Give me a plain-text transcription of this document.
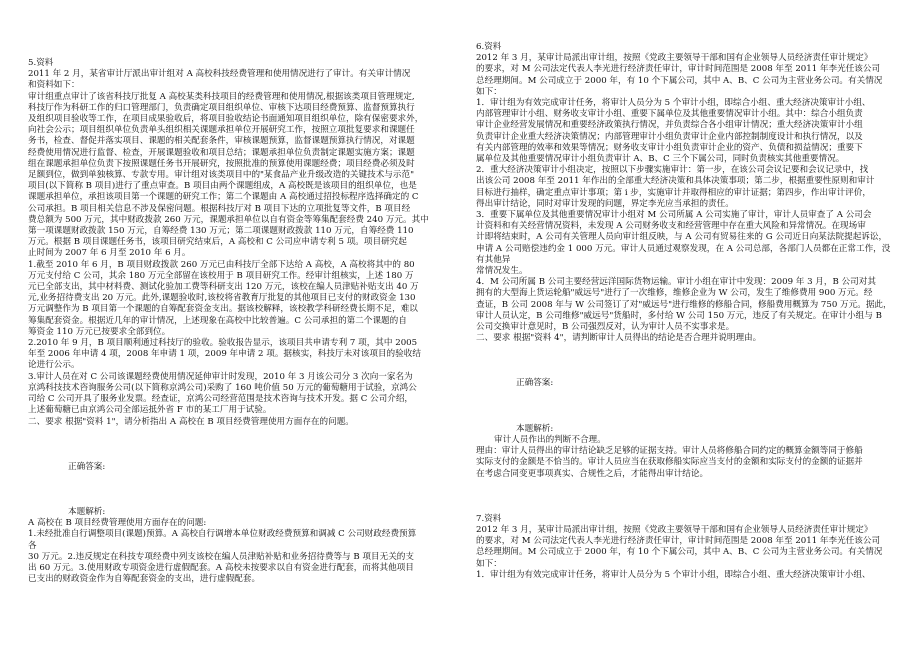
5.资料
2011 年 2 月，某省审计厅派出审计组对 A 高校科技经费管理和使用情况进行了审计。有关审计情况
和资料如下：
审计组重点审计了该省科技厅批复 A 高校某类科技项目的经费管理和使用情况,根据该类项目管理规定,
科技厅作为科研工作的归口管理部门，负责确定项目组织单位、审核下达项目经费预算、监督预算执行
及组织项目验收等工作，在项目成果验收后，将项目验收结论书面通知项目组织单位，除有保密要求外，
向社会公示；项目组织单位负责单头组织相关课题承担单位开展研究工作，按照立项批复要求和课题任
务书，检查、督促并落实项目、课题的相关配套条件，审核课题预算，监督课题预算执行情况，对课题
经费使用情况进行监督、检查，开展课题验收和项目总结；课题承担单位负责制定课题实施方案；课题
组在课题承担单位负责下按照课题任务书开展研究，按照批准的预算使用课题经费；项目经费必须及时
足额到位，做到单独核算、专款专用。审计组对该类项目中的"某食品产业升级改造的关键技术与示范"
项目(以下简称 B 项目)进行了重点审查。B 项目由两个课题组成，A 高校既是该项目的组织单位，也是
课题承担单位，承担该项目第一个课题的研究工作；第二个课题由 A 高校通过招投标程序选择确定的 C
公司承担。B 项目相关信息不涉及保密问题。根据科技厅对 B 项目下达的立项批复等文件，B 项目经
费总额为 500 万元，其中财政拨款 260 万元，课题承担单位以自有资金等筹集配套经费 240 万元。其中
第一项课题财政拨款 150 万元，自筹经费 130 万元；第二项课题财政拨款 110 万元，自筹经费 110
万元。根据 B 项目课题任务书，该项目研究结束后，A 高校和 C 公司应申请专利 5 项。项目研究起
止时间为 2007 年 6 月至 2010 年 6 月。
1.截至 2010 年 6 月，B 项目财政拨款 260 万元已由科技厅全部下达给 A 高校，A 高校将其中的 80
万元支付给 C 公司，其余 180 万元全部留在该校用于 B 项目研究工作。经审计组核实，上述 180 万
元已全部支出，其中材料费、测试化验加工费等科研支出 120 万元，该校在编人员津贴补贴支出 40 万
元,业务招待费支出 20 万元。此外,课题验收时,该校将省教育厅批复的其他项目已支付的财政资金 130
万元调整作为 B 项目第一个课题的自筹配套资金支出。据该校解释，该校教学科研经费长期不足，难以
筹集配套资金。根据近几年的审计情况，上述现象在高校中比较普遍。C 公司承担的第二个课题的自
筹资金 110 万元已按要求全部到位。
2.2010 年 9 月，B 项目顺利通过科技厅的验收。验收报告显示，该项目共申请专利 7 项，其中 2005
年至 2006 年申请 4 项，2008 年申请 1 项，2009 年申请 2 项。据核实，科技厅未对该项目的验收结
论进行公示。
3.审计人员在对 C 公司该课题经费使用情况延伸审计时发现，2010 年 3 月该公司分 3 次向一家名为
京鸿科技技术咨询服务公司(以下简称京鸿公司)采购了 160 吨价值 50 万元的葡萄糖用于试验，京鸿公
司给 C 公司开具了服务业发票。经查证，京鸿公司经营范围是技术咨询与技术开发。据 C 公司介绍，
上述葡萄糖已由京鸿公司全部运抵外省 F 市的某工厂用于试验。
二、要求 根据"资料 1"，请分析指出 A 高校在 B 项目经费管理使用方面存在的问题。
正确答案:
本题解析:
A 高校在 B 项目经费管理使用方面存在的问题:
1.未经批准自行调整项目(课题)预算。A 高校自行调增本单位财政经费预算和调减 C 公司财政经费预算
各
30 万元。2.违反规定在科技专项经费中列支该校在编人员津贴补贴和业务招待费等与 B 项目无关的支
出 60 万元。3.使用财政专项资金进行虚假配套。A 高校未按要求以自有资金进行配套，而将其他项目
已支出的财政资金作为自筹配套资金的支出，进行虚假配套。
6.资料
2012 年 3 月，某审计局派出审计组，按照《党政主要领导干部和国有企业领导人员经济责任审计规定》
的要求，对 M 公司法定代表人李光进行经济责任审计，审计时间范围是 2008 年至 2011 年李光任该公司
总经理期间。M 公司成立于 2000 年，有 10 个下属公司，其中 A、B、C 公司为主营业务公司。有关情况
如下：
1．审计组为有效完成审计任务，将审计人员分为 5 个审计小组，即综合小组、重大经济决策审计小组、
内部管理审计小组、财务收支审计小组、重要下属单位及其他重要情况审计小组。其中：综合小组负责
审计企业经营发展情况和重要经济政策执行情况，并负责综合各小组审计情况；重大经济决策审计小组
负责审计企业重大经济决策情况；内部管理审计小组负责审计企业内部控制制度设计和执行情况，以及
有关内部管理的效率和效果等情况；财务收支审计小组负责审计企业的资产、负债和损益情况；重要下
属单位及其他重要情况审计小组负责审计 A、B、C 三个下属公司，同时负责核实其他重要情况。
2．重大经济决策审计小组决定，按照以下步骤实施审计：第一步，在该公司会议记要和会议记录中，找
出该公司 2008 年至 2011 年作出的全部重大经济决策和具体决策事项；第二步，根据重要性原则和审计
目标进行抽样，确定重点审计事项；第 i 步，实施审计并取得相应的审计证据；第四步，作出审计评价，
得出审计结论，同时对审计发现的问题，界定李光应当承担的责任。
3．重要下属单位及其他重要情况审计小组对 M 公司所属 A 公司实施了审计，审计人员审查了 A 公司会
计资料和有关经营情况资料，未发现 A 公司财务收支和经营管理中存在重大风险和异常情况。在现场审
计即将结束时，A 公司有关管理人员向审计组反映，与 A 公司有贸易往来的 G 公司近日向某法院提起诉讼，
申请 A 公司赔偿违约金 1 000 万元。审计人员通过观察发现，在 A 公司总部，各部门人员都在正常工作，没有其他异
常情况发生。
4．M 公司所属 B 公司主要经营远洋国际货物运输。审计小组在审计中发现：2009 年 3 月，B 公司对其
拥有的大型海上货运轮船"威远号"进行了一次维修，维修企业为 W 公司，发生了维修费用 900 万元。经
查证，B 公司 2008 年与 W 公司签订了对"威远号"进行维修的修船合同，修船费用概算为 750 万元。据此，
审计人员认定，B 公司维修"威远号"货船时，多付给 W 公司 150 万元，违反了有关规定。在审计小组与 B
公司交换审计意见时，B 公司强烈反对，认为审计人员不实事求是。
二、要求 根据"资料 4"，请判断审计人员得出的结论是否合理并说明理由。
正确答案:
本题解析:
审计人员作出的判断不合理。
理由：审计人员得出的审计结论缺乏足够的证据支持。审计人员将修船合同约定的概算金额等同于修船
实际支付的金额是不恰当的。审计人员应当在获取修船实际应当支付的金额和实际支付的金额的证据并
在考虑合同变更事项真实、合规性之后，才能得出审计结论。
7.资料
2012 年 3 月，某审计局派出审计组，按照《党政主要领导干部和国有企业领导人员经济责任审计规定》
的要求，对 M 公司法定代表人李光进行经济责任审计，审计时间范围是 2008 年至 2011 年李光任该公司
总经理期间。M 公司成立于 2000 年，有 10 个下属公司，其中 A、B、C 公司为主营业务公司。有关情况
如下：
1．审计组为有效完成审计任务，将审计人员分为 5 个审计小组，即综合小组、重大经济决策审计小组、
